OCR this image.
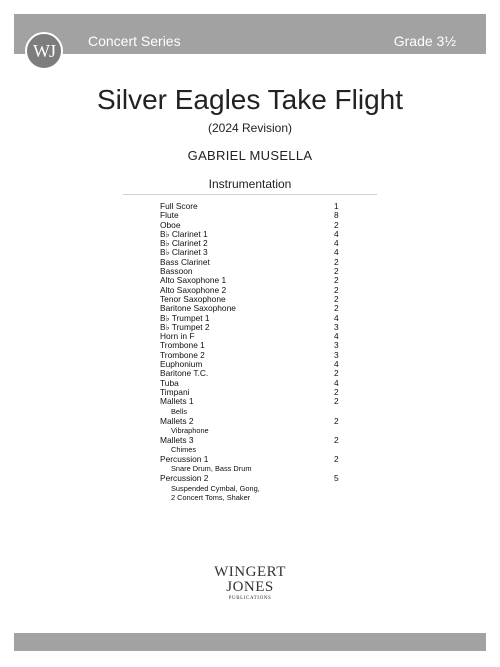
Concert Series	Grade 3½
WJ
Silver Eagles Take Flight
(2024 Revision)
GABRIEL MUSELLA
Instrumentation
Full Score	1
Flute	8
Oboe	2
B♭ Clarinet 1	4
B♭ Clarinet 2	4
B♭ Clarinet 3	4
Bass Clarinet	2
Bassoon	2
Alto Saxophone 1	2
Alto Saxophone 2	2
Tenor Saxophone	2
Baritone Saxophone	2
B♭ Trumpet 1	4
B♭ Trumpet 2	3
Horn in F	4
Trombone 1	3
Trombone 2	3
Euphonium	4
Baritone T.C.	2
Tuba	4
Timpani	2
Mallets 1	2
Bells
Mallets 2	2
Vibraphone
Mallets 3	2
Chimes
Percussion 1	2
Snare Drum, Bass Drum
Percussion 2	5
Suspended Cymbal, Gong,
2 Concert Toms, Shaker
WINGERT
JONES
PUBLICATIONS
